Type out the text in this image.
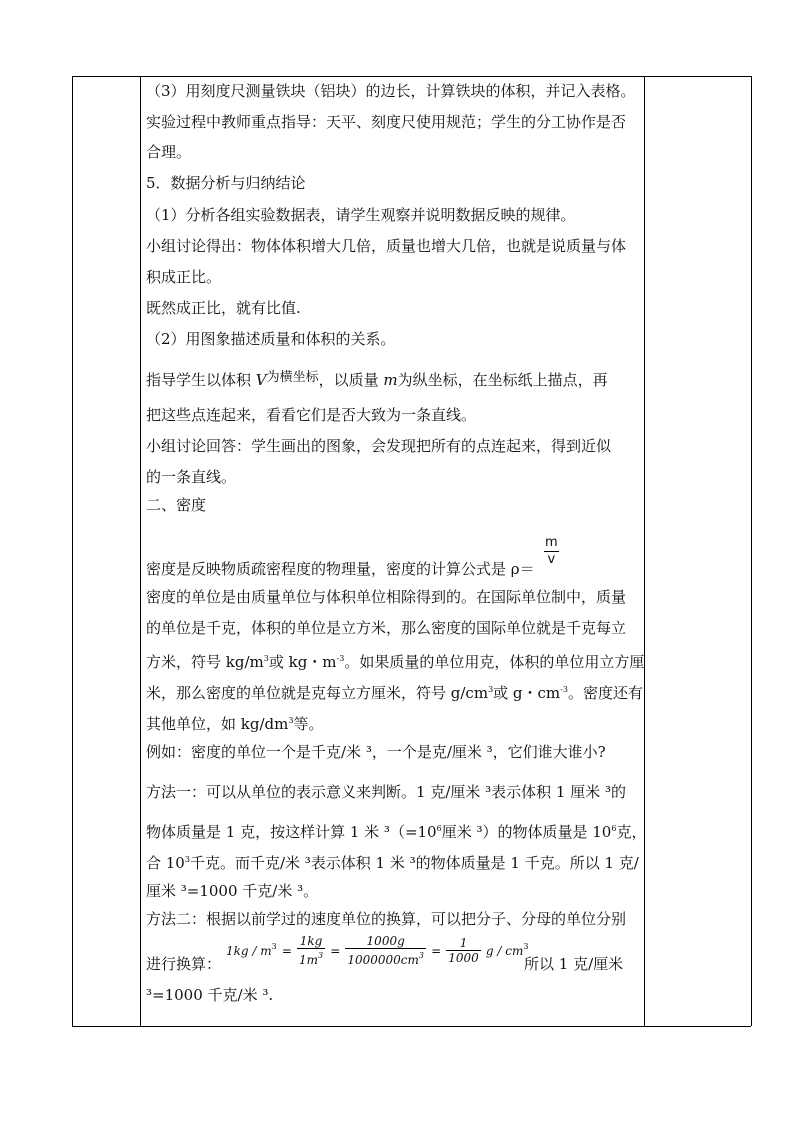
（3）用刻度尺测量铁块（铝块）的边长，计算铁块的体积，并记入表格。
实验过程中教师重点指导：天平、刻度尺使用规范；学生的分工协作是否
合理。
5．数据分析与归纳结论
（1）分析各组实验数据表，请学生观察并说明数据反映的规律。
小组讨论得出：物体体积增大几倍，质量也增大几倍，也就是说质量与体
积成正比。
既然成正比，就有比值.
（2）用图象描述质量和体积的关系。
指导学生以体积 V为横坐标，以质量 m为纵坐标，在坐标纸上描点，再
把这些点连起来，看看它们是否大致为一条直线。
小组讨论回答：学生画出的图象，会发现把所有的点连起来，得到近似
的一条直线。
二、密度
密度是反映物质疏密程度的物理量，密度的计算公式是 ρ＝
$\frac{m}{v}$
密度的单位是由质量单位与体积单位相除得到的。在国际单位制中，质量
的单位是千克，体积的单位是立方米，那么密度的国际单位就是千克每立
方米，符号 $kg/m^3$或 kg・$m^{-3}$。如果质量的单位用克，体积的单位用立方厘
米，那么密度的单位就是克每立方厘米，符号 $g/cm^3$或 g・$cm^{-3}$。密度还有
其他单位，如 $kg/dm^3$等。
例如：密度的单位一个是千克/米 ³，一个是克/厘米 ³，它们谁大谁小?
方法一：可以从单位的表示意义来判断。1 克/厘米 ³表示体积 1 厘米 ³的
物体质量是 1 克，按这样计算 1 米 $^3(=10^6$厘米 ³）的物体质量是 $10^6$克，
合 $10^3$千克。而千克/米 ³表示体积 1 米 ³的物体质量是 1 千克。所以 1 克/
厘米 ³=1000 千克/米 ³。
方法二：根据以前学过的速度单位的换算，可以把分子、分母的单位分别
进行换算：
$1kg / m^3 = \frac{1kg}{1m^3} = \frac{1000g}{1000000cm^3} = \frac{1}{1000}$ g / $cm^3$
所以 1 克/厘米
³=1000 千克/米 ³.
